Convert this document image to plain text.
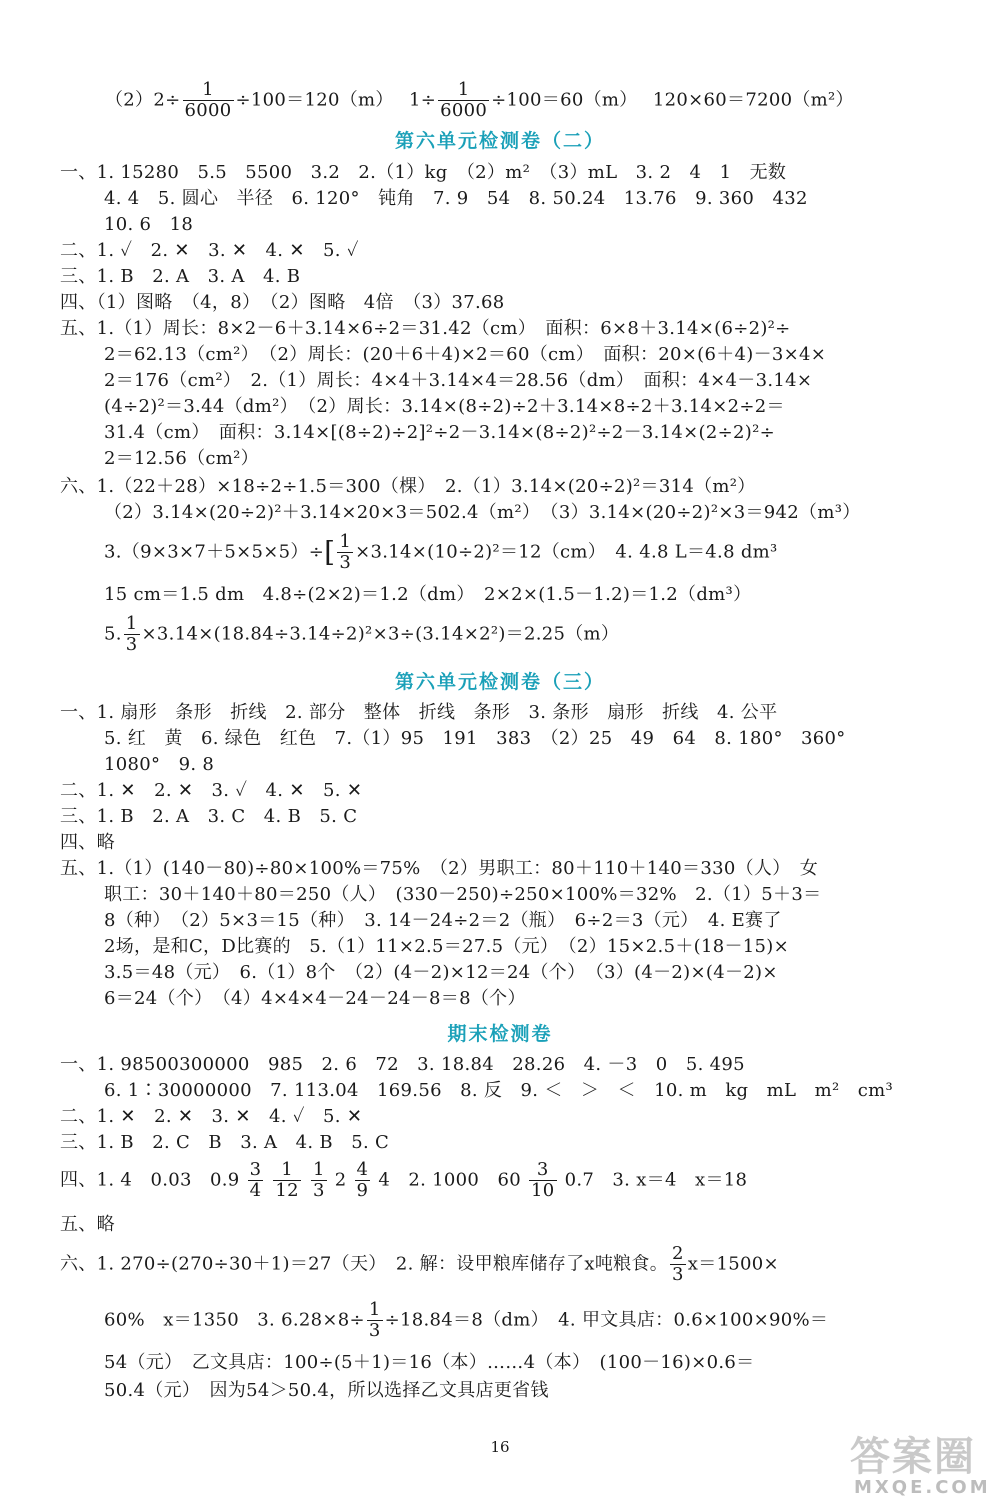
$(2)2\div \frac{1}{6000} \div 100=120(m)$　 $1\div \frac{1}{6000} \div 100=60(m)$　 120×60＝7200（m²）
第六单元检测卷（二）
一、1. 15280　5.5　5500　3.2　2.（1）kg　（2）m²　（3）mL　3. 2　4　1　无数
4. 4　5. 圆心　半径　6. 120°　钝角　7. 9　54　8. 50.24　13.76　9. 360　432
10. 6　18
二、1. ✓　2. ✕　3. ✕　4. ✕　5. ✓
三、1. B　2. A　3. A　4. B
四、（1）图略　（4，8）　（2）图略　4倍　（3）37.68
五、1.（1）周长：8×2－6＋3.14×6÷2＝31.42（cm）　面积：6×8＋3.14×(6÷2)²÷
2＝62.13（cm²）　（2）周长：(20＋6＋4)×2＝60（cm）　面积：20×(6＋4)－3×4×
2＝176（cm²）　2.（1）周长：4×4＋3.14×4＝28.56（dm）　面积：4×4－3.14×
(4÷2)²＝3.44（dm²）　（2）周长：3.14×(8÷2)÷2＋3.14×8÷2＋3.14×2÷2＝
31.4（cm）　面积：3.14×[(8÷2)÷2]²÷2－3.14×(8÷2)²÷2－3.14×(2÷2)²÷
2＝12.56（cm²）
六、1.（22＋28）×18÷2÷1.5＝300（棵）　2.（1）3.14×(20÷2)²＝314（m²）
（2）3.14×(20÷2)²＋3.14×20×3＝502.4（m²）　（3）3.14×(20÷2)²×3＝942（m³）
$3.(9\times 3\times 7+5\times 5\times 5)\div[ \frac{1}{3} \times 3.14\times(10\div 2)^2=12(cm)$　4. 4.8 L＝4.8 dm³
15 cm＝1.5 dm　4.8÷(2×2)＝1.2（dm）　2×2×(1.5－1.2)＝1.2（dm³）
5. $\frac{1}{3} \times 3.14\times(18.84\div 3.14\div 2)^2\times 3\div(3.14\times 2^2)=2.25(m)$
第六单元检测卷（三）
一、1. 扇形　条形　折线　2. 部分　整体　折线　条形　3. 条形　扇形　折线　4. 公平
5. 红　黄　6. 绿色　红色　7.（1）95　191　383　（2）25　49　64　8. 180°　360°
1080°　9. 8
二、1. ✕　2. ✕　3. ✓　4. ✕　5. ✕
三、1. B　2. A　3. C　4. B　5. C
四、略
五、1.（1）(140－80)÷80×100%＝75%　（2）男职工：80＋110＋140＝330（人）　女
职工：30＋140＋80＝250（人）　(330－250)÷250×100%＝32%　2.（1）5＋3＝
8（种）　（2）5×3＝15（种）　3. 14－24÷2＝2（瓶）　6÷2＝3（元）　4. E赛了
2场，是和C，D比赛的　5.（1）11×2.5＝27.5（元）　（2）15×2.5＋(18－15)×
3.5＝48（元）　6.（1）8个　（2）(4－2)×12＝24（个）　（3）(4－2)×(4－2)×
6＝24（个）　（4）4×4×4－24－24－8＝8（个）
期末检测卷
一、1. 98500300000　985　2. 6　72　3. 18.84　28.26　4. －3　0　5. 495
6. 1∶30000000　7. 113.04　169.56　8. 反　9. ＜　＞　＜　10. m　kg　mL　m²　cm³
二、1. ✕　2. ✕　3. ✕　4. ✓　5. ✕
三、1. B　2. C　B　3. A　4. B　5. C
四、1. 4　0.03　$0.9 \frac{3}{4}$
$\frac{1}{12}$
$\frac{1}{3} 2 \frac{4}{9} 4$　2. 1000　$60 \frac{3}{10} 0.7$　3. x＝4　x＝18
五、略
六、1. 270÷(270÷30＋1)＝27（天）　2. 解：设甲粮库储存了x吨粮食。 $\frac{2}{3} x=1500\times$
60%　x＝1350　3. $6.28\times 8\div \frac{1}{3} \div 18.84=8(dm)$　4. 甲文具店：0.6×100×90%＝
54（元）　乙文具店：100÷(5＋1)＝16（本）……4（本）　(100－16)×0.6＝
50.4（元）　因为54＞50.4，所以选择乙文具店更省钱
16	答案圈
MXQE.COM
